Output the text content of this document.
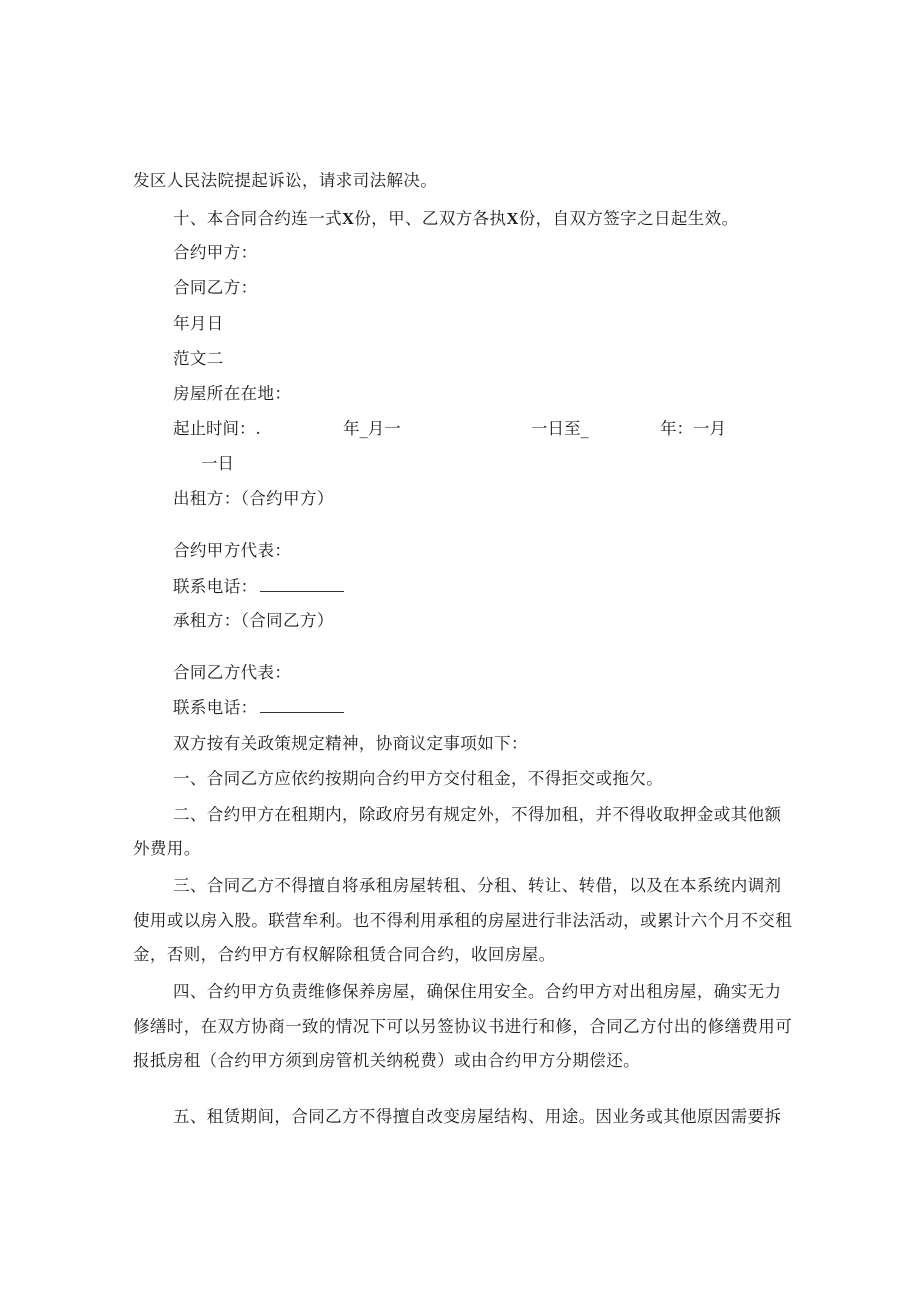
发区人民法院提起诉讼，请求司法解决。
十、本合同合约连一式X份，甲、乙双方各执X份，自双方签字之日起生效。
合约甲方：
合同乙方：
年月日
范文二
房屋所在在地：
起止时间：.	年_月一	一日至_	年：一月
一日
出租方：（合约甲方）
合约甲方代表：
联系电话：
承租方：（合同乙方）
合同乙方代表：
联系电话：
双方按有关政策规定精神，协商议定事项如下：
一、合同乙方应依约按期向合约甲方交付租金，不得拒交或拖欠。
二、合约甲方在租期内，除政府另有规定外，不得加租，并不得收取押金或其他额
外费用。
三、合同乙方不得擅自将承租房屋转租、分租、转让、转借，以及在本系统内调剂
使用或以房入股。联营牟利。也不得利用承租的房屋进行非法活动，或累计六个月不交租
金，否则，合约甲方有权解除租赁合同合约，收回房屋。
四、合约甲方负责维修保养房屋，确保住用安全。合约甲方对出租房屋，确实无力
修缮时，在双方协商一致的情况下可以另签协议书进行和修，合同乙方付出的修缮费用可
报抵房租（合约甲方须到房管机关纳税费）或由合约甲方分期偿还。
五、租赁期间，合同乙方不得擅自改变房屋结构、用途。因业务或其他原因需要拆
